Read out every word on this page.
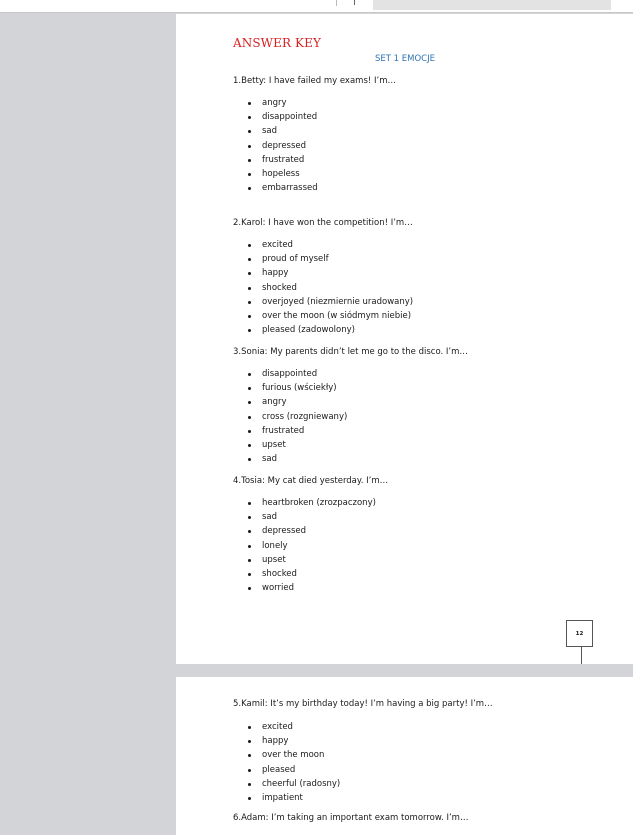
ANSWER KEY
SET 1 EMOCJE
1.Betty: I have failed my exams! I’m…
angry
disappointed
sad
depressed
frustrated
hopeless
embarrassed
2.Karol: I have won the competition! I’m…
excited
proud of myself
happy
shocked
overjoyed (niezmiernie uradowany)
over the moon (w siódmym niebie)
pleased (zadowolony)
3.Sonia: My parents didn’t let me go to the disco. I’m…
disappointed
furious (wściekły)
angry
cross (rozgniewany)
frustrated
upset
sad
4.Tosia: My cat died yesterday. I’m…
heartbroken (zrozpaczony)
sad
depressed
lonely
upset
shocked
worried
12
5.Kamil: It’s my birthday today! I’m having a big party! I’m…
excited
happy
over the moon
pleased
cheerful (radosny)
impatient
6.Adam: I’m taking an important exam tomorrow. I’m…
